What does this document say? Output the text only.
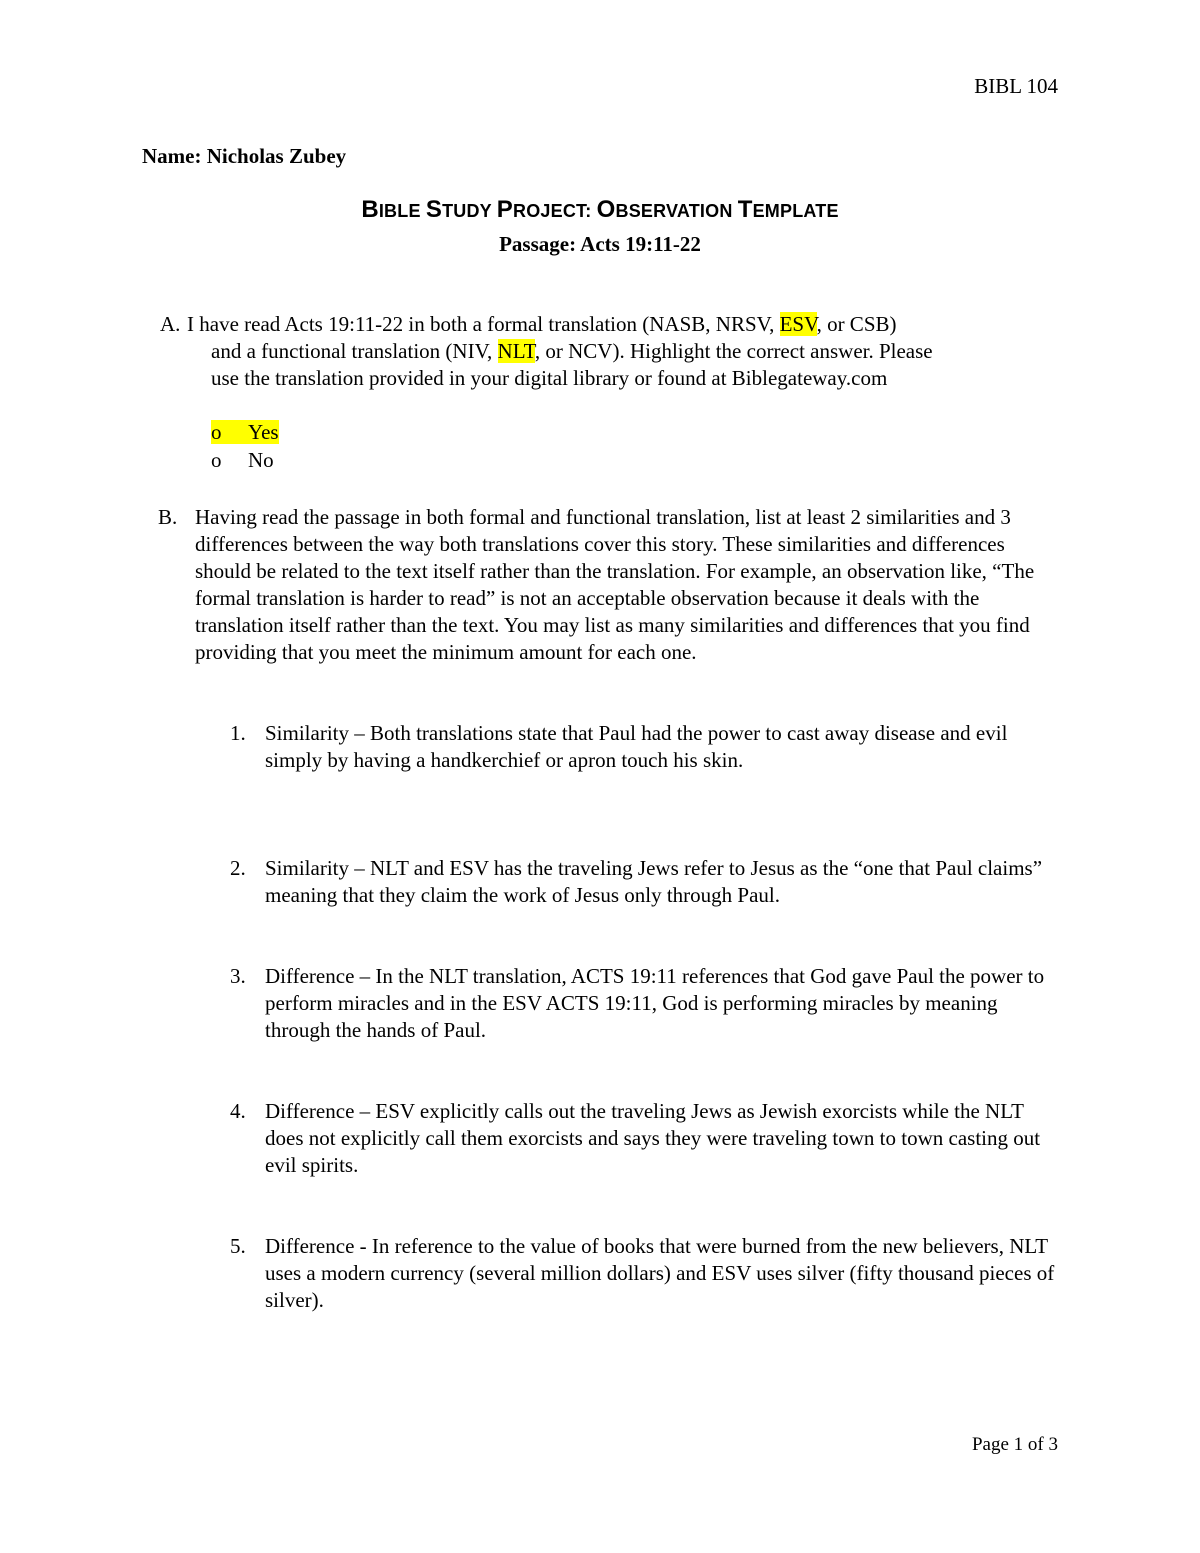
BIBL 104
Name: Nicholas Zubey
BIBLE STUDY PROJECT: OBSERVATION TEMPLATE
Passage: Acts 19:11-22
A. I have read Acts 19:11-22 in both a formal translation (NASB, NRSV, ESV, or CSB)
and a functional translation (NIV, NLT, or NCV). Highlight the correct answer. Please
use the translation provided in your digital library or found at Biblegateway.com
o Yes
o No
B. Having read the passage in both formal and functional translation, list at least 2 similarities and 3 differences between the way both translations cover this story. These similarities and differences should be related to the text itself rather than the translation. For example, an observation like, “The formal translation is harder to read” is not an acceptable observation because it deals with the translation itself rather than the text. You may list as many similarities and differences that you find providing that you meet the minimum amount for each one.
1. Similarity – Both translations state that Paul had the power to cast away disease and evil simply by having a handkerchief or apron touch his skin.
2. Similarity – NLT and ESV has the traveling Jews refer to Jesus as the “one that Paul claims” meaning that they claim the work of Jesus only through Paul.
3. Difference – In the NLT translation, ACTS 19:11 references that God gave Paul the power to perform miracles and in the ESV ACTS 19:11, God is performing miracles by meaning through the hands of Paul.
4. Difference – ESV explicitly calls out the traveling Jews as Jewish exorcists while the NLT does not explicitly call them exorcists and says they were traveling town to town casting out evil spirits.
5. Difference - In reference to the value of books that were burned from the new believers, NLT uses a modern currency (several million dollars) and ESV uses silver (fifty thousand pieces of silver).
Page 1 of 3
